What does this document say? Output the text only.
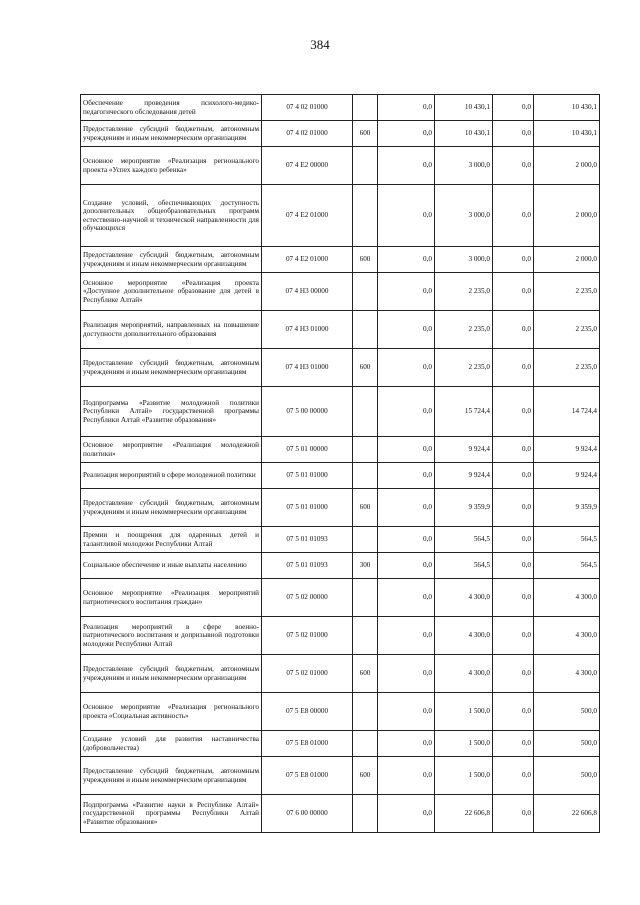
384
Обеспечение проведения психолого-медико-педагогического обследования детей	07 4 02 01000		0,0	10 430,1	0,0	10 430,1
Предоставление субсидий бюджетным, автономным учреждениям и иным некоммерческим организациям	07 4 02 01000	600	0,0	10 430,1	0,0	10 430,1
Основное мероприятие «Реализация регионального проекта «Успех каждого ребенка»	07 4 E2 00000		0,0	3 000,0	0,0	2 000,0
Создание условий, обеспечивающих доступность дополнительных общеобразовательных программ естественно-научной и технической направленности для обучающихся	07 4 E2 01000		0,0	3 000,0	0,0	2 000,0
Предоставление субсидий бюджетным, автономным учреждениям и иным некоммерческим организациям	07 4 E2 01000	600	0,0	3 000,0	0,0	2 000,0
Основное мероприятие «Реализация проекта «Доступное дополнительное образование для детей в Республике Алтай»	07 4 Н3 00000		0,0	2 235,0	0,0	2 235,0
Реализация мероприятий, направленных на повышение доступности дополнительного образования	07 4 Н3 01000		0,0	2 235,0	0,0	2 235,0
Предоставление субсидий бюджетным, автономным учреждениям и иным некоммерческим организациям	07 4 Н3 01000	600	0,0	2 235,0	0,0	2 235,0
Подпрограмма «Развитие молодежной политики Республики Алтай» государственной программы Республики Алтай «Развитие образования»	07 5 00 00000		0,0	15 724,4	0,0	14 724,4
Основное мероприятие «Реализация молодежной политики»	07 5 01 00000		0,0	9 924,4	0,0	9 924,4
Реализация мероприятий в сфере молодежной политики	07 5 01 01000		0,0	9 924,4	0,0	9 924,4
Предоставление субсидий бюджетным, автономным учреждениям и иным некоммерческим организациям	07 5 01 01000	600	0,0	9 359,9	0,0	9 359,9
Премии и поощрения для одаренных детей и талантливой молодежи Республики Алтай	07 5 01 01093		0,0	564,5	0,0	564,5
Социальное обеспечение и иные выплаты населению	07 5 01 01093	300	0,0	564,5	0,0	564,5
Основное мероприятие «Реализация мероприятий патриотического воспитания граждан»	07 5 02 00000		0,0	4 300,0	0,0	4 300,0
Реализация мероприятий в сфере военно-патриотического воспитания и допризывной подготовки молодежи Республики Алтай	07 5 02 01000		0,0	4 300,0	0,0	4 300,0
Предоставление субсидий бюджетным, автономным учреждениям и иным некоммерческим организациям	07 5 02 01000	600	0,0	4 300,0	0,0	4 300,0
Основное мероприятие «Реализация регионального проекта «Социальная активность»	07 5 E8 00000		0,0	1 500,0	0,0	500,0
Создание условий для развития наставничества (добровольчества)	07 5 E8 01000		0,0	1 500,0	0,0	500,0
Предоставление субсидий бюджетным, автономным учреждениям и иным некоммерческим организациям	07 5 E8 01000	600	0,0	1 500,0	0,0	500,0
Подпрограмма «Развитие науки в Республике Алтай» государственной программы Республики Алтай «Развитие образования»	07 6 00 00000		0,0	22 606,8	0,0	22 606,8
